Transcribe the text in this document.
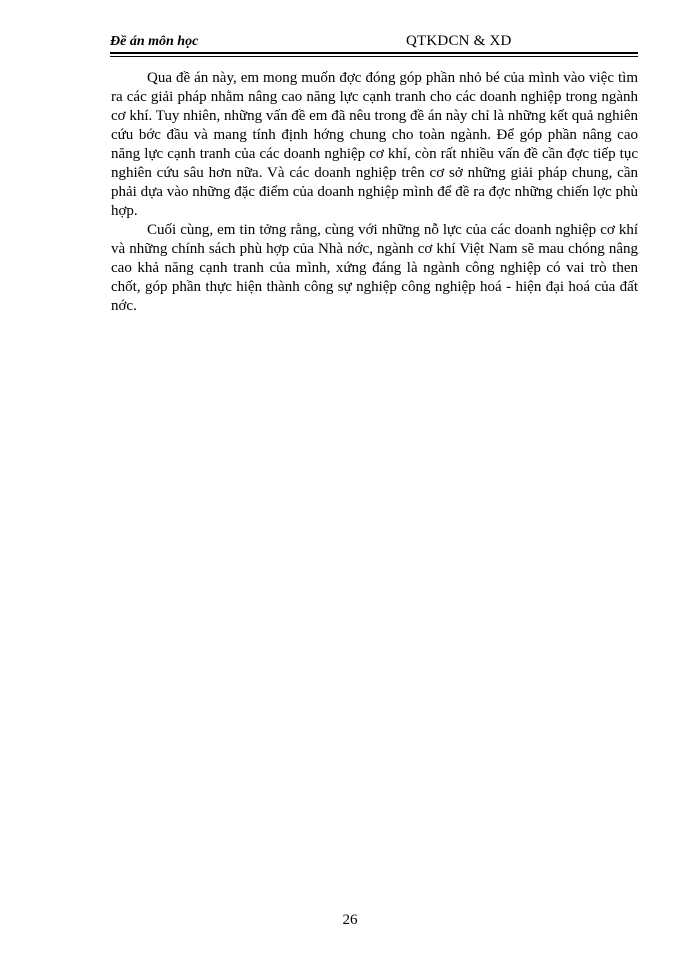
Đề án môn học	QTKDCN & XD

Qua đề án này, em mong muốn đợc đóng góp phần nhỏ bé của mình vào việc tìm ra các giải pháp nhằm nâng cao năng lực cạnh tranh cho các doanh nghiệp trong ngành cơ khí. Tuy nhiên, những vấn đề em đã nêu trong đề án này chỉ là những kết quả nghiên cứu bớc đầu và mang tính định hớng chung cho toàn ngành. Để góp phần nâng cao năng lực cạnh tranh của các doanh nghiệp cơ khí, còn rất nhiều vấn đề cần đợc tiếp tục nghiên cứu sâu hơn nữa. Và các doanh nghiệp trên cơ sở những giải pháp chung, cần phải dựa vào những đặc điểm của doanh nghiệp mình để đề ra đợc những chiến lợc phù hợp.

Cuối cùng, em tin tởng rằng, cùng với những nỗ lực của các doanh nghiệp cơ khí và những chính sách phù hợp của Nhà nớc, ngành cơ khí Việt Nam sẽ mau chóng nâng cao khả năng cạnh tranh của mình, xứng đáng là ngành công nghiệp có vai trò then chốt, góp phần thực hiện thành công sự nghiệp công nghiệp hoá - hiện đại hoá của đất nớc.

26
